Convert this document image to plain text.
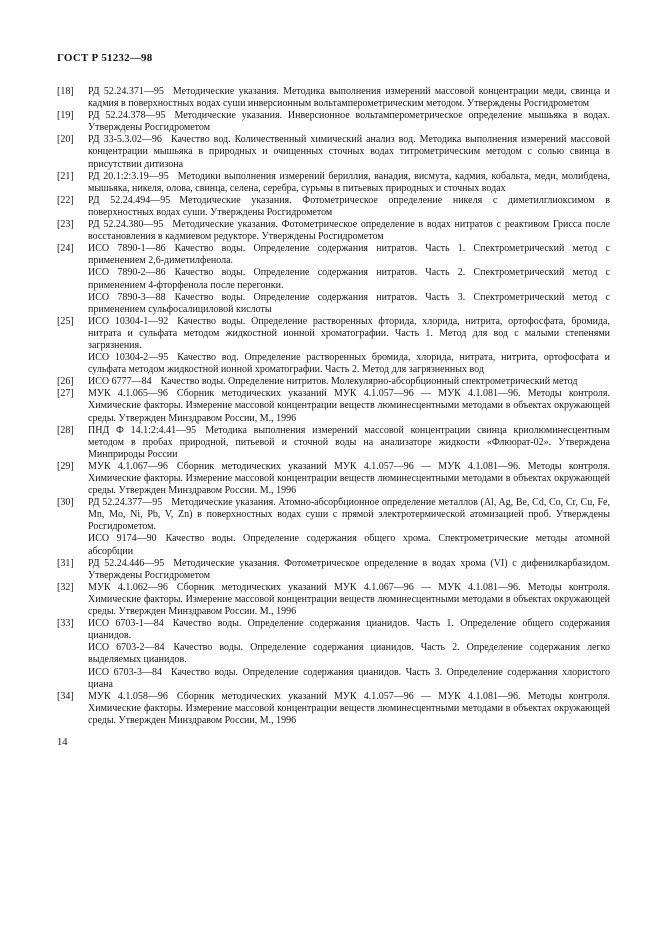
ГОСТ Р 51232—98
[18] РД 52.24.371—95 Методические указания. Методика выполнения измерений массовой концентрации меди, свинца и кадмия в поверхностных водах суши инверсионным вольтамперометрическим методом. Утверждены Росгидрометом
[19] РД 52.24.378—95 Методические указания. Инверсионное вольтамперометрическое определение мышьяка в водах. Утверждены Росгидрометом
[20] РД 33-5.3.02—96 Качество вод. Количественный химический анализ вод. Методика выполнения измерений массовой концентрации мышьяка в природных и очищенных сточных водах титрометрическим методом с солью свинца в присутствии дитизона
[21] РД 20.1:2:3.19—95 Методики выполнения измерений бериллия, ванадия, висмута, кадмия, кобальта, меди, молибдена, мышьяка, никеля, олова, свинца, селена, серебра, сурьмы в питьевых природных и сточных водах
[22] РД 52.24.494—95 Методические указания. Фотометрическое определение никеля с диметилглиоксимом в поверхностных водах суши. Утверждены Росгидрометом
[23] РД 52.24.380—95 Методические указания. Фотометрическое определение в водах нитратов с реактивом Грисса после восстановления в кадмиевом редукторе. Утверждены Росгидрометом
[24] ИСО 7890-1—86 Качество воды. Определение содержания нитратов. Часть 1. Спектрометрический метод с применением 2,6-диметилфенола.
ИСО 7890-2—86 Качество воды. Определение содержания нитратов. Часть 2. Спектрометрический метод с применением 4-фторфенола после перегонки.
ИСО 7890-3—88 Качество воды. Определение содержания нитратов. Часть 3. Спектрометрический метод с применением сульфосалициловой кислоты
[25] ИСО 10304-1—92 Качество воды. Определение растворенных фторида, хлорида, нитрита, ортофосфата, бромида, нитрата и сульфата методом жидкостной ионной хроматографии. Часть 1. Метод для вод с малыми степенями загрязнения.
ИСО 10304-2—95 Качество вод. Определение растворенных бромида, хлорида, нитрата, нитрита, ортофосфата и сульфата методом жидкостной ионной хроматографии. Часть 2. Метод для загрязненных вод
[26] ИСО 6777—84 Качество воды. Определение нитритов. Молекулярно-абсорбционный спектрометрический метод
[27] МУК 4.1.065—96 Сборник методических указаний МУК 4.1.057—96 — МУК 4.1.081—96. Методы контроля. Химические факторы. Измерение массовой концентрации веществ люминесцентными методами в объектах окружающей среды. Утвержден Минздравом России, М., 1996
[28] ПНД Ф 14.1:2:4.41—95 Методика выполнения измерений массовой концентрации свинца криолюминесцентным методом в пробах природной, питьевой и сточной воды на анализаторе жидкости «Флюорат-02». Утверждена Минприроды России
[29] МУК 4.1.067—96 Сборник методических указаний МУК 4.1.057—96 — МУК 4.1.081—96. Методы контроля. Химические факторы. Измерение массовой концентрации веществ люминесцентными методами в объектах окружающей среды. Утвержден Минздравом России. М., 1996
[30] РД 52.24.377—95 Методические указания. Атомно-абсорбционное определение металлов (Al, Ag, Be, Cd, Co, Cr, Cu, Fe, Mn, Mo, Ni, Pb, V, Zn) в поверхностных водах суши с прямой электротермической атомизацией проб. Утверждены Росгидрометом.
ИСО 9174—90 Качество воды. Определение содержания общего хрома. Спектрометрические методы атомной абсорбции
[31] РД 52.24.446—95 Методические указания. Фотометрическое определение в водах хрома (VI) с дифенилкарбазидом. Утверждены Росгидрометом
[32] МУК 4.1.062—96 Сборник методических указаний МУК 4.1.067—96 — МУК 4.1.081—96. Методы контроля. Химические факторы. Измерение массовой концентрации веществ люминесцентными методами в объектах окружающей среды. Утвержден Минздравом России. М., 1996
[33] ИСО 6703-1—84 Качество воды. Определение содержания цианидов. Часть 1. Определение общего содержания цианидов.
ИСО 6703-2—84 Качество воды. Определение содержания цианидов. Часть 2. Определение содержания легко выделяемых цианидов.
ИСО 6703-3—84 Качество воды. Определение содержания цианидов. Часть 3. Определение содержания хлористого циана
[34] МУК 4.1.058—96 Сборник методических указаний МУК 4.1.057—96 — МУК 4.1.081—96. Методы контроля. Химические факторы. Измерение массовой концентрации веществ люминесцентными методами в объектах окружающей среды. Утвержден Минздравом России, М., 1996
14
